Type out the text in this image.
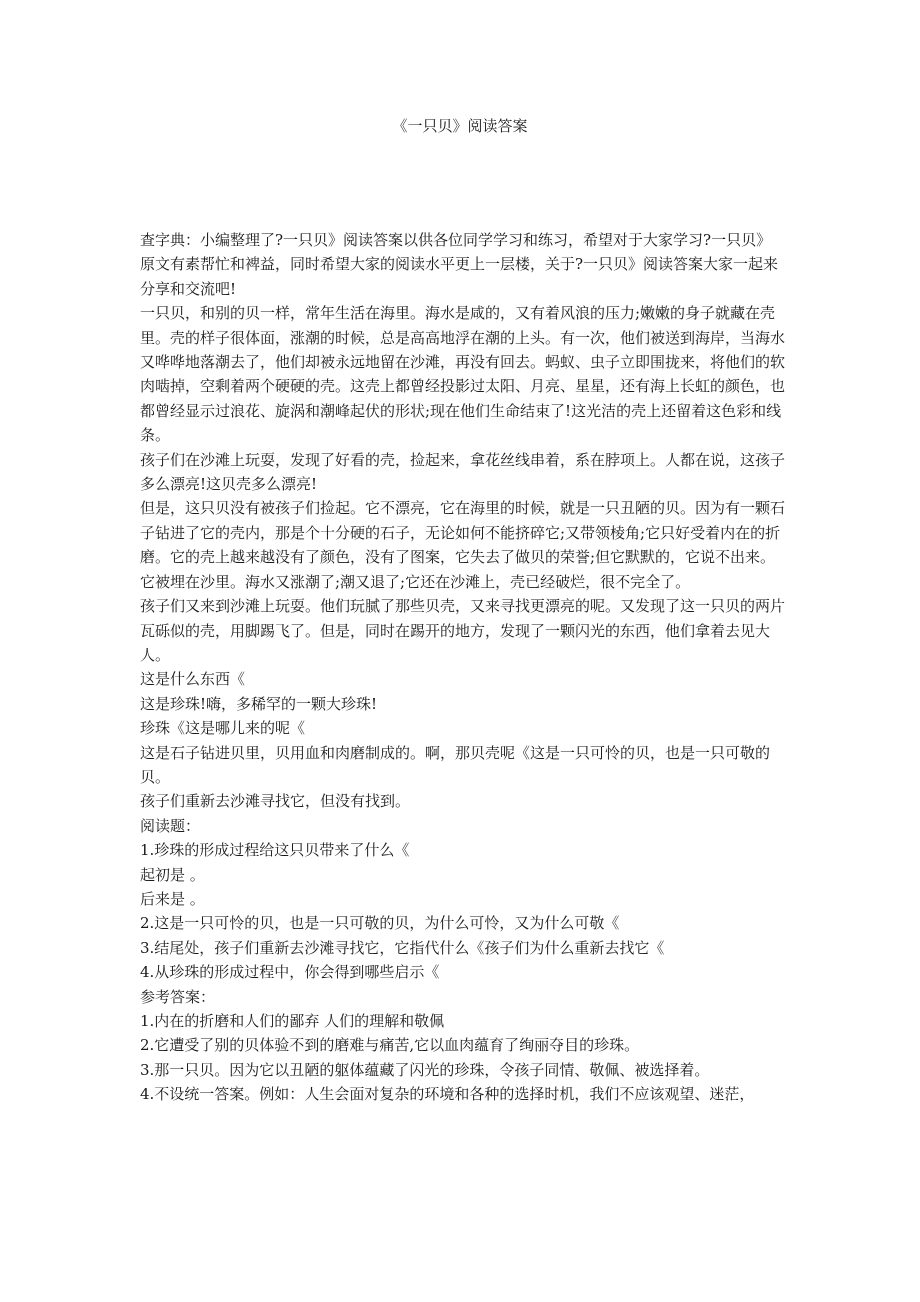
《一只贝》阅读答案

查字典：小编整理了?一只贝》阅读答案以供各位同学学习和练习，希望对于大家学习?一只贝》原文有素帮忙和裨益，同时希望大家的阅读水平更上一层楼，关于?一只贝》阅读答案大家一起来分享和交流吧!

一只贝，和别的贝一样，常年生活在海里。海水是咸的，又有着风浪的压力;嫩嫩的身子就藏在壳里。壳的样子很体面，涨潮的时候，总是高高地浮在潮的上头。有一次，他们被送到海岸，当海水又哗哗地落潮去了，他们却被永远地留在沙滩，再没有回去。蚂蚁、虫子立即围拢来，将他们的软肉啮掉，空剩着两个硬硬的壳。这壳上都曾经投影过太阳、月亮、星星，还有海上长虹的颜色，也都曾经显示过浪花、旋涡和潮峰起伏的形状;现在他们生命结束了!这光洁的壳上还留着这色彩和线条。

孩子们在沙滩上玩耍，发现了好看的壳，捡起来，拿花丝线串着，系在脖项上。人都在说，这孩子多么漂亮!这贝壳多么漂亮!

但是，这只贝没有被孩子们捡起。它不漂亮，它在海里的时候，就是一只丑陋的贝。因为有一颗石子钻进了它的壳内，那是个十分硬的石子，无论如何不能挤碎它;又带领棱角;它只好受着内在的折磨。它的壳上越来越没有了颜色，没有了图案，它失去了做贝的荣誉;但它默默的，它说不出来。

它被埋在沙里。海水又涨潮了;潮又退了;它还在沙滩上，壳已经破烂，很不完全了。

孩子们又来到沙滩上玩耍。他们玩腻了那些贝壳，又来寻找更漂亮的呢。又发现了这一只贝的两片瓦砾似的壳，用脚踢飞了。但是，同时在踢开的地方，发现了一颗闪光的东西，他们拿着去见大人。

这是什么东西《

这是珍珠!嗨，多稀罕的一颗大珍珠!

珍珠《这是哪儿来的呢《

这是石子钻进贝里，贝用血和肉磨制成的。啊，那贝壳呢《这是一只可怜的贝，也是一只可敬的贝。

孩子们重新去沙滩寻找它，但没有找到。

阅读题：

1.珍珠的形成过程给这只贝带来了什么《

起初是 。

后来是 。

2.这是一只可怜的贝，也是一只可敬的贝，为什么可怜，又为什么可敬《

3.结尾处，孩子们重新去沙滩寻找它，它指代什么《孩子们为什么重新去找它《

4.从珍珠的形成过程中，你会得到哪些启示《

参考答案：

1.内在的折磨和人们的鄙弃 人们的理解和敬佩

2.它遭受了别的贝体验不到的磨难与痛苦,它以血肉蕴育了绚丽夺目的珍珠。

3.那一只贝。因为它以丑陋的躯体蕴藏了闪光的珍珠，令孩子同情、敬佩、被选择着。

4.不设统一答案。例如：人生会面对复杂的环境和各种的选择时机，我们不应该观望、迷茫，
